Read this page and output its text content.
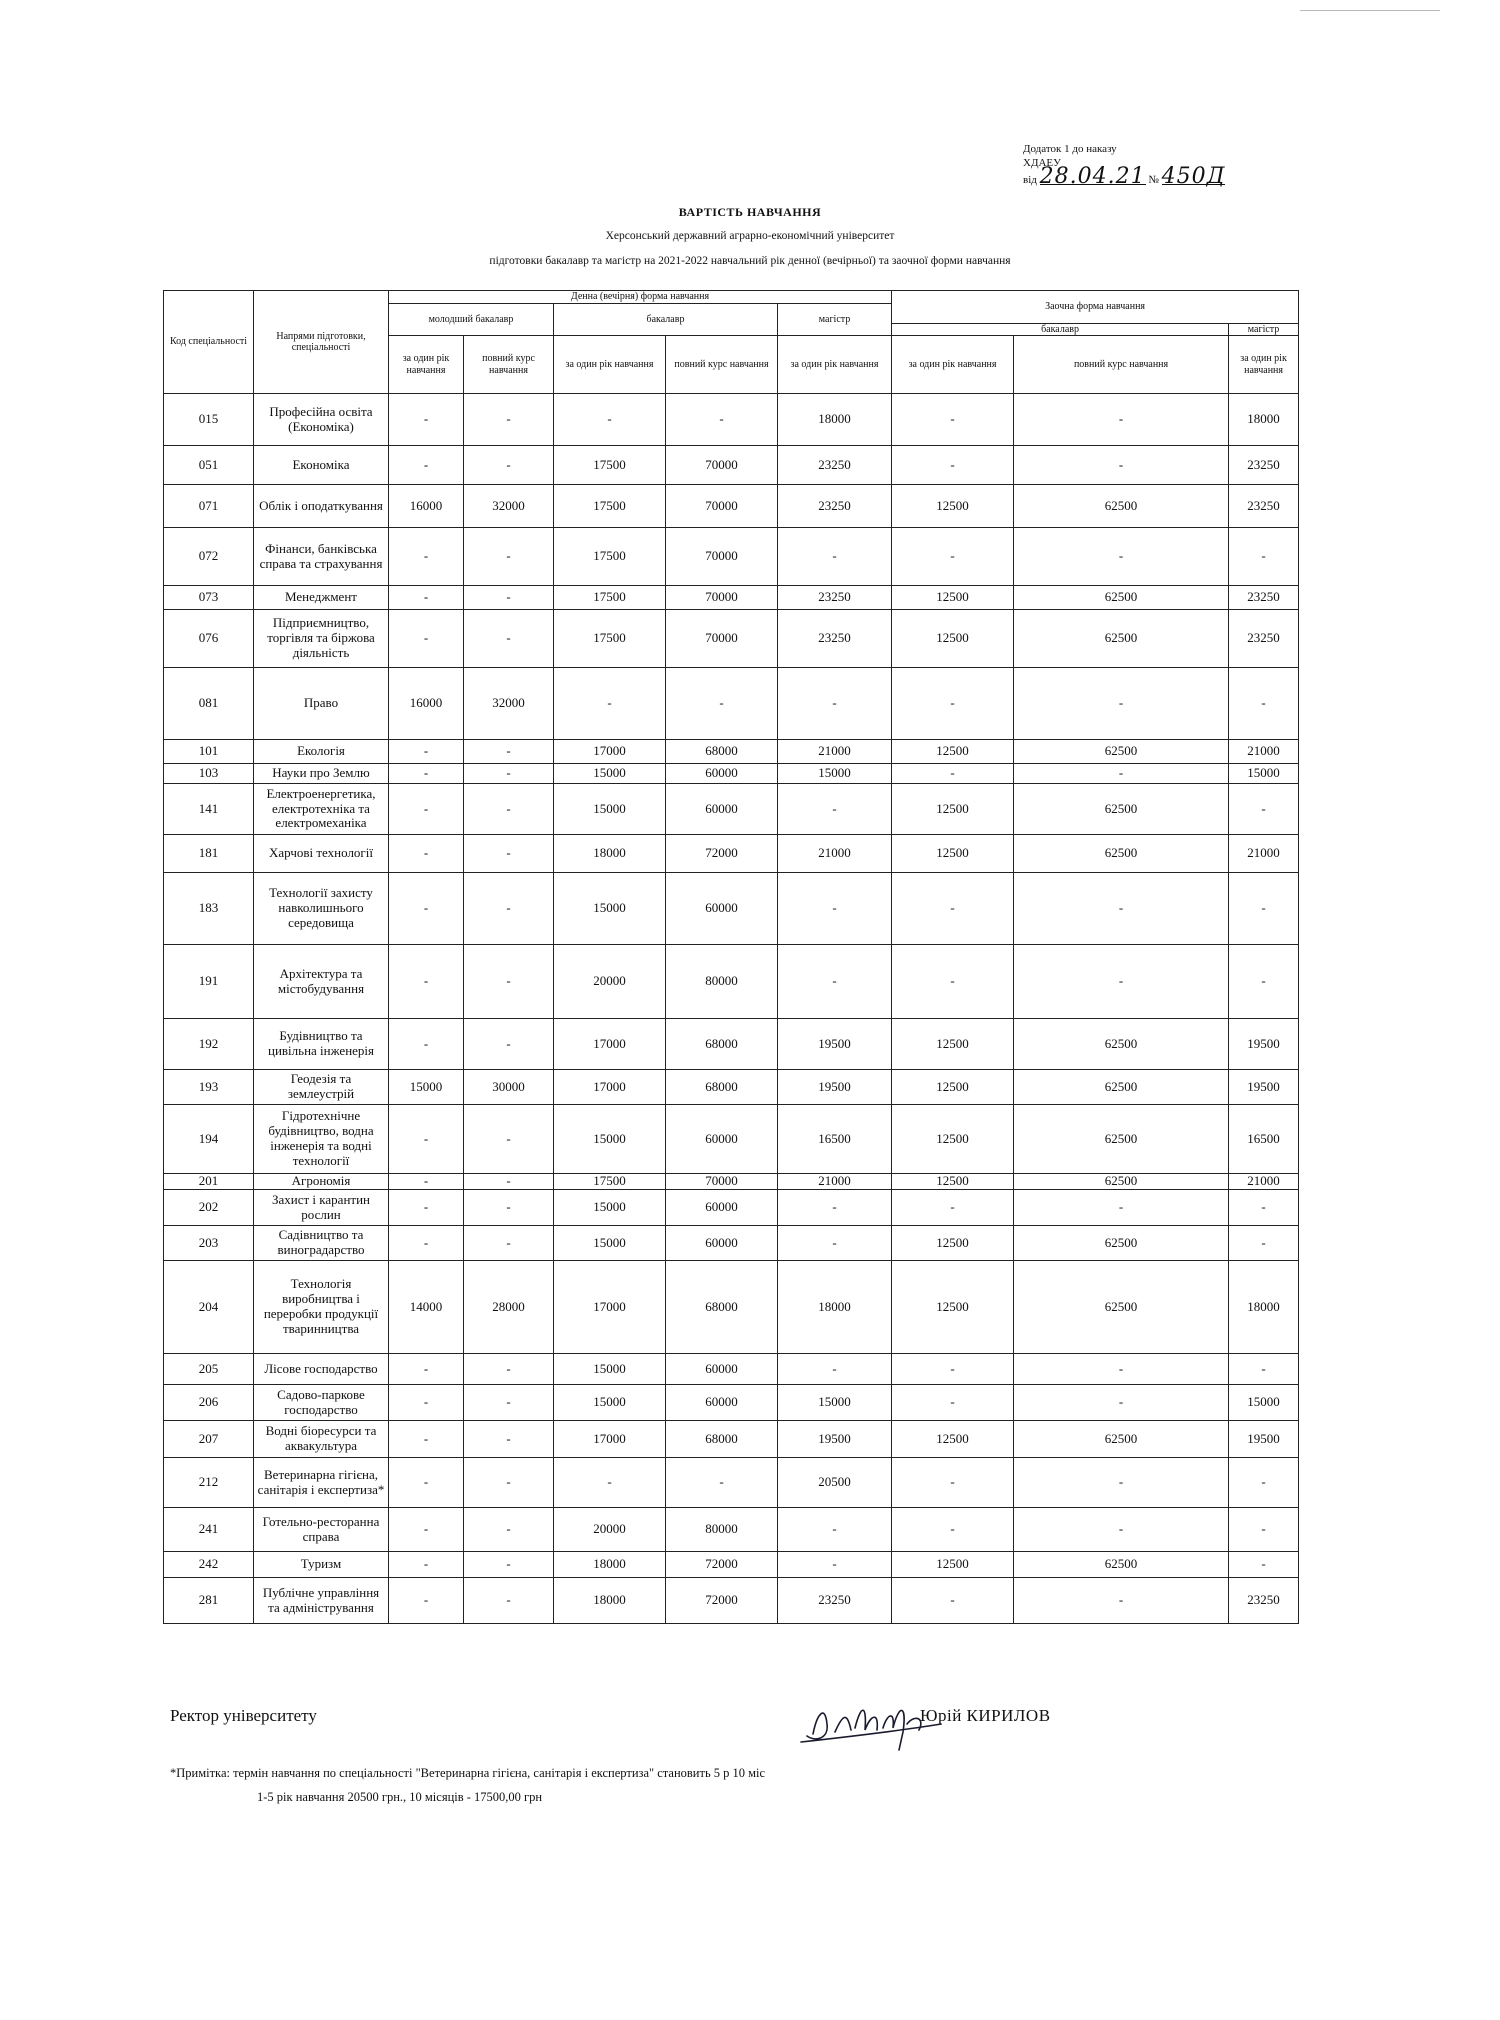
Додаток 1 до наказу
ХДАЕУ
від 28.04.21 № 450Д
ВАРТІСТЬ НАВЧАННЯ
Херсонський державний аграрно-економічний університет
підготовки бакалавр та магістр на 2021-2022 навчальний рік денної (вечірньої) та заочної форми навчання
Код спеціальності	Напрями підготовки, спеціальності	Денна (вечірня) форма навчання					Заочна форма навчання		
		молодший бакалавр		бакалавр		магістр			
							бакалавр		магістр
		за один рік навчання	повний курс навчання	за один рік навчання	повний курс навчання	за один рік навчання	за один рік навчання	повний курс навчання	за один рік навчання
015	Професійна освіта (Економіка)	-	-	-	-	18000	-	-	18000
051	Економіка	-	-	17500	70000	23250	-	-	23250
071	Облік і оподаткування	16000	32000	17500	70000	23250	12500	62500	23250
072	Фінанси, банківська справа та страхування	-	-	17500	70000	-	-	-	-
073	Менеджмент	-	-	17500	70000	23250	12500	62500	23250
076	Підприємництво, торгівля та біржова діяльність	-	-	17500	70000	23250	12500	62500	23250
081	Право	16000	32000	-	-	-	-	-	-
101	Екологія	-	-	17000	68000	21000	12500	62500	21000
103	Науки про Землю	-	-	15000	60000	15000	-	-	15000
141	Електроенергетика, електротехніка та електромеханіка	-	-	15000	60000	-	12500	62500	-
181	Харчові технології	-	-	18000	72000	21000	12500	62500	21000
183	Технології захисту навколишнього середовища	-	-	15000	60000	-	-	-	-
191	Архітектура та містобудування	-	-	20000	80000	-	-	-	-
192	Будівництво та цивільна інженерія	-	-	17000	68000	19500	12500	62500	19500
193	Геодезія та землеустрій	15000	30000	17000	68000	19500	12500	62500	19500
194	Гідротехнічне будівництво, водна інженерія та водні технології	-	-	15000	60000	16500	12500	62500	16500
201	Агрономія	-	-	17500	70000	21000	12500	62500	21000
202	Захист і карантин рослин	-	-	15000	60000	-	-	-	-
203	Садівництво та виноградарство	-	-	15000	60000	-	12500	62500	-
204	Технологія виробництва і переробки продукції тваринництва	14000	28000	17000	68000	18000	12500	62500	18000
205	Лісове господарство	-	-	15000	60000	-	-	-	-
206	Садово-паркове господарство	-	-	15000	60000	15000	-	-	15000
207	Водні біоресурси та аквакультура	-	-	17000	68000	19500	12500	62500	19500
212	Ветеринарна гігієна, санітарія і експертиза*	-	-	-	-	20500	-	-	-
241	Готельно-ресторанна справа	-	-	20000	80000	-	-	-	-
242	Туризм	-	-	18000	72000	-	12500	62500	-
281	Публічне управління та адміністрування	-	-	18000	72000	23250	-	-	23250
Ректор університету	Юрій КИРИЛОВ
*Примітка: термін навчання по спеціальності "Ветеринарна гігієна, санітарія і експертиза" становить 5 р 10 міс
1-5 рік навчання 20500 грн., 10 місяців - 17500,00 грн
